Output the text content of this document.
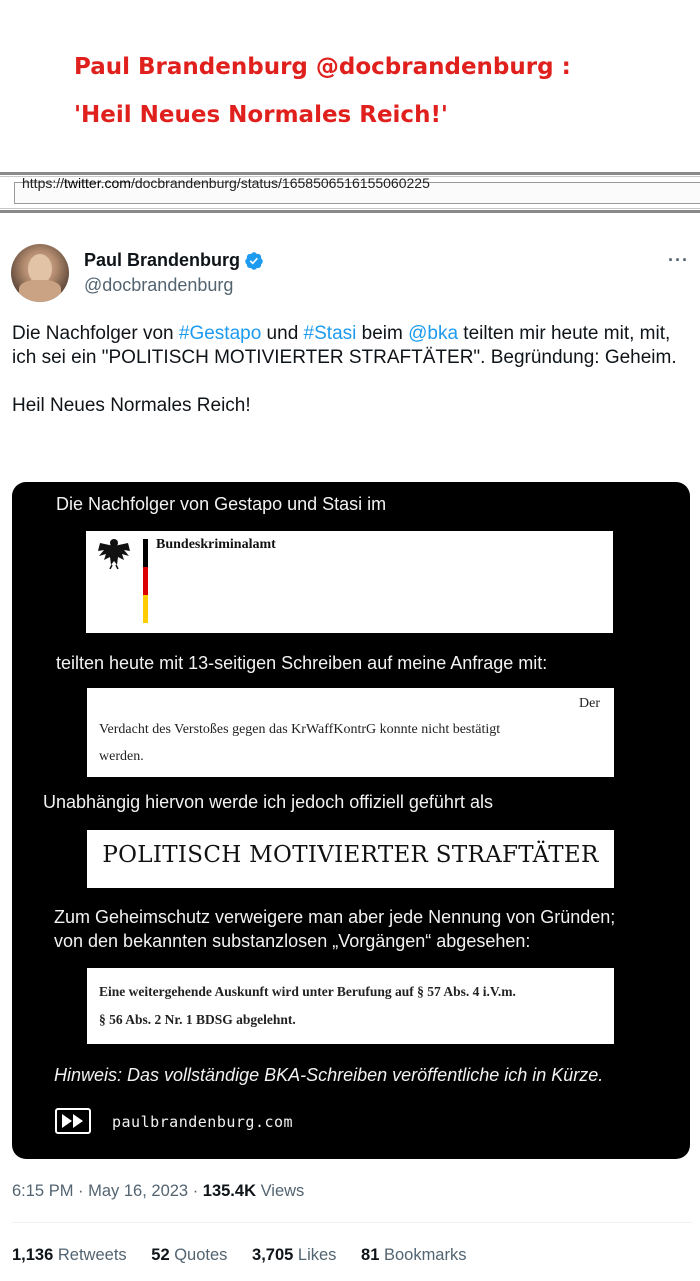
Paul Brandenburg @docbrandenburg :
'Heil Neues Normales Reich!'
https://twitter.com/docbrandenburg/status/1658506516155060225
Paul Brandenburg
@docbrandenburg
···

Die Nachfolger von #Gestapo und #Stasi beim @bka teilten mir heute mit, mit, ich sei ein "POLITISCH MOTIVIERTER STRAFTÄTER". Begründung: Geheim.

Heil Neues Normales Reich!

Die Nachfolger von Gestapo und Stasi im
Bundeskriminalamt
teilten heute mit 13-seitigen Schreiben auf meine Anfrage mit:
Der
Verdacht des Verstoßes gegen das KrWaffKontrG konnte nicht bestätigt
werden.
Unabhängig hiervon werde ich jedoch offiziell geführt als
POLITISCH MOTIVIERTER STRAFTÄTER
Zum Geheimschutz verweigere man aber jede Nennung von Gründen;
von den bekannten substanzlosen „Vorgängen“ abgesehen:
Eine weitergehende Auskunft wird unter Berufung auf § 57 Abs. 4 i.V.m.
§ 56 Abs. 2 Nr. 1 BDSG abgelehnt.
Hinweis: Das vollständige BKA-Schreiben veröffentliche ich in Kürze.
paulbrandenburg.com
6:15 PM · May 16, 2023 · 135.4K Views
1,136 Retweets 52 Quotes 3,705 Likes 81 Bookmarks
